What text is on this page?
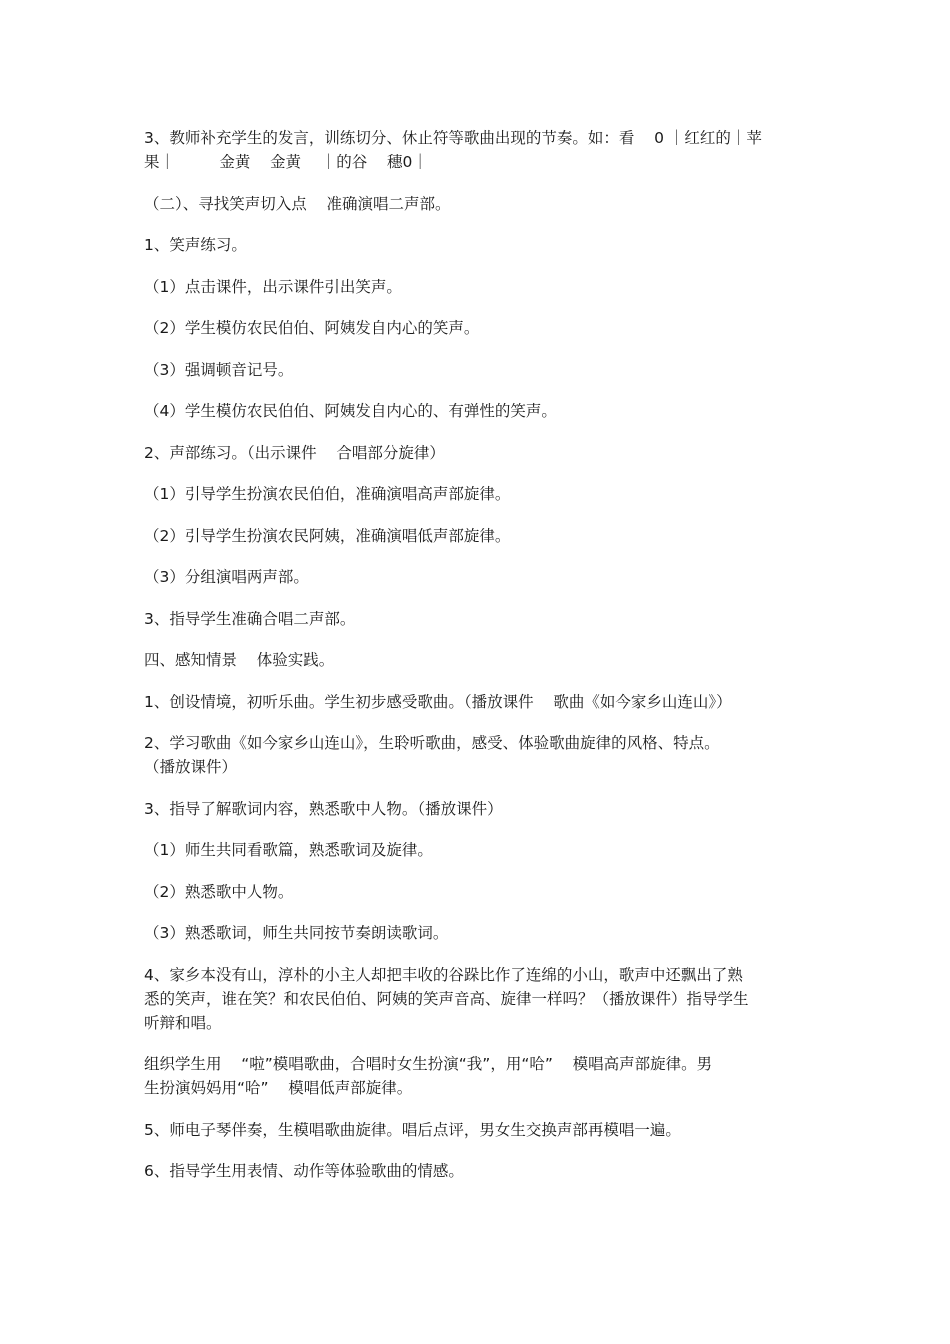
3、教师补充学生的发言，训练切分、休止符等歌曲出现的节奏。如：看    0 ｜红红的｜苹
果｜         金黄    金黄    ｜的谷    穗0｜
（二）、寻找笑声切入点    准确演唱二声部。
1、笑声练习。
（1）点击课件，出示课件引出笑声。
（2）学生模仿农民伯伯、阿姨发自内心的笑声。
（3）强调顿音记号。
（4）学生模仿农民伯伯、阿姨发自内心的、有弹性的笑声。
2、声部练习。（出示课件    合唱部分旋律）
（1）引导学生扮演农民伯伯，准确演唱高声部旋律。
（2）引导学生扮演农民阿姨，准确演唱低声部旋律。
（3）分组演唱两声部。
3、指导学生准确合唱二声部。
四、感知情景    体验实践。
1、创设情境，初听乐曲。学生初步感受歌曲。（播放课件    歌曲《如今家乡山连山》）
2、学习歌曲《如今家乡山连山》，生聆听歌曲，感受、体验歌曲旋律的风格、特点。
（播放课件）
3、指导了解歌词内容，熟悉歌中人物。（播放课件）
（1）师生共同看歌篇，熟悉歌词及旋律。
（2）熟悉歌中人物。
（3）熟悉歌词，师生共同按节奏朗读歌词。
4、家乡本没有山，淳朴的小主人却把丰收的谷跺比作了连绵的小山，歌声中还飘出了熟
悉的笑声，谁在笑？和农民伯伯、阿姨的笑声音高、旋律一样吗？（播放课件）指导学生
听辩和唱。
组织学生用    “啦”模唱歌曲，合唱时女生扮演“我”，用“哈”    模唱高声部旋律。男
生扮演妈妈用“哈”    模唱低声部旋律。
5、师电子琴伴奏，生模唱歌曲旋律。唱后点评，男女生交换声部再模唱一遍。
6、指导学生用表情、动作等体验歌曲的情感。
